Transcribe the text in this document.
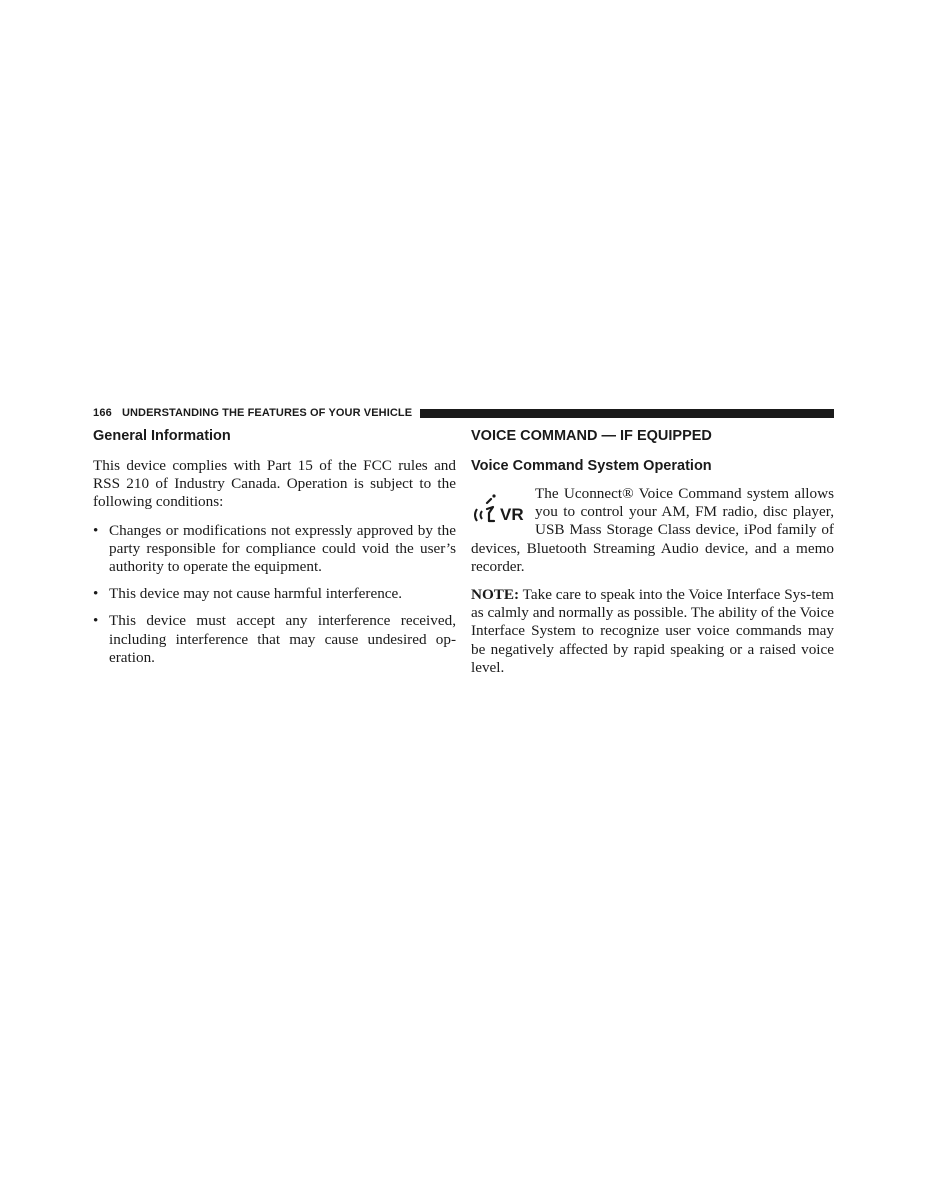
166 UNDERSTANDING THE FEATURES OF YOUR VEHICLE
General Information

This device complies with Part 15 of the FCC rules and RSS 210 of Industry Canada. Operation is subject to the following conditions:

• Changes or modifications not expressly approved by the party responsible for compliance could void the user’s authority to operate the equipment.
• This device may not cause harmful interference.
• This device must accept any interference received, including interference that may cause undesired op-eration.
VOICE COMMAND — IF EQUIPPED
Voice Command System Operation
VR

The Uconnect® Voice Command system allows you to control your AM, FM radio, disc player, USB Mass Storage Class device, iPod family of devices, Bluetooth Streaming Audio device, and a memo recorder.

NOTE: Take care to speak into the Voice Interface Sys-tem as calmly and normally as possible. The ability of the Voice Interface System to recognize user voice commands may be negatively affected by rapid speaking or a raised voice level.
